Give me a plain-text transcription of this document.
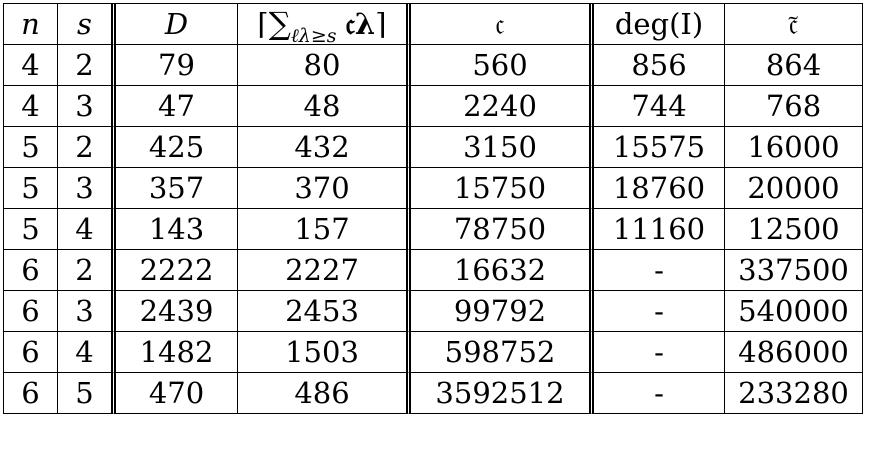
n	s	D	$⌈\sum_{\ell\lambda\ge s}$ 𝔠λ⌉	𝔠	deg(I)	𝔠̃
4	2	79	80	560	856	864
4	3	47	48	2240	744	768
5	2	425	432	3150	15575	16000
5	3	357	370	15750	18760	20000
5	4	143	157	78750	11160	12500
6	2	2222	2227	16632	-	337500
6	3	2439	2453	99792	-	540000
6	4	1482	1503	598752	-	486000
6	5	470	486	3592512	-	233280
